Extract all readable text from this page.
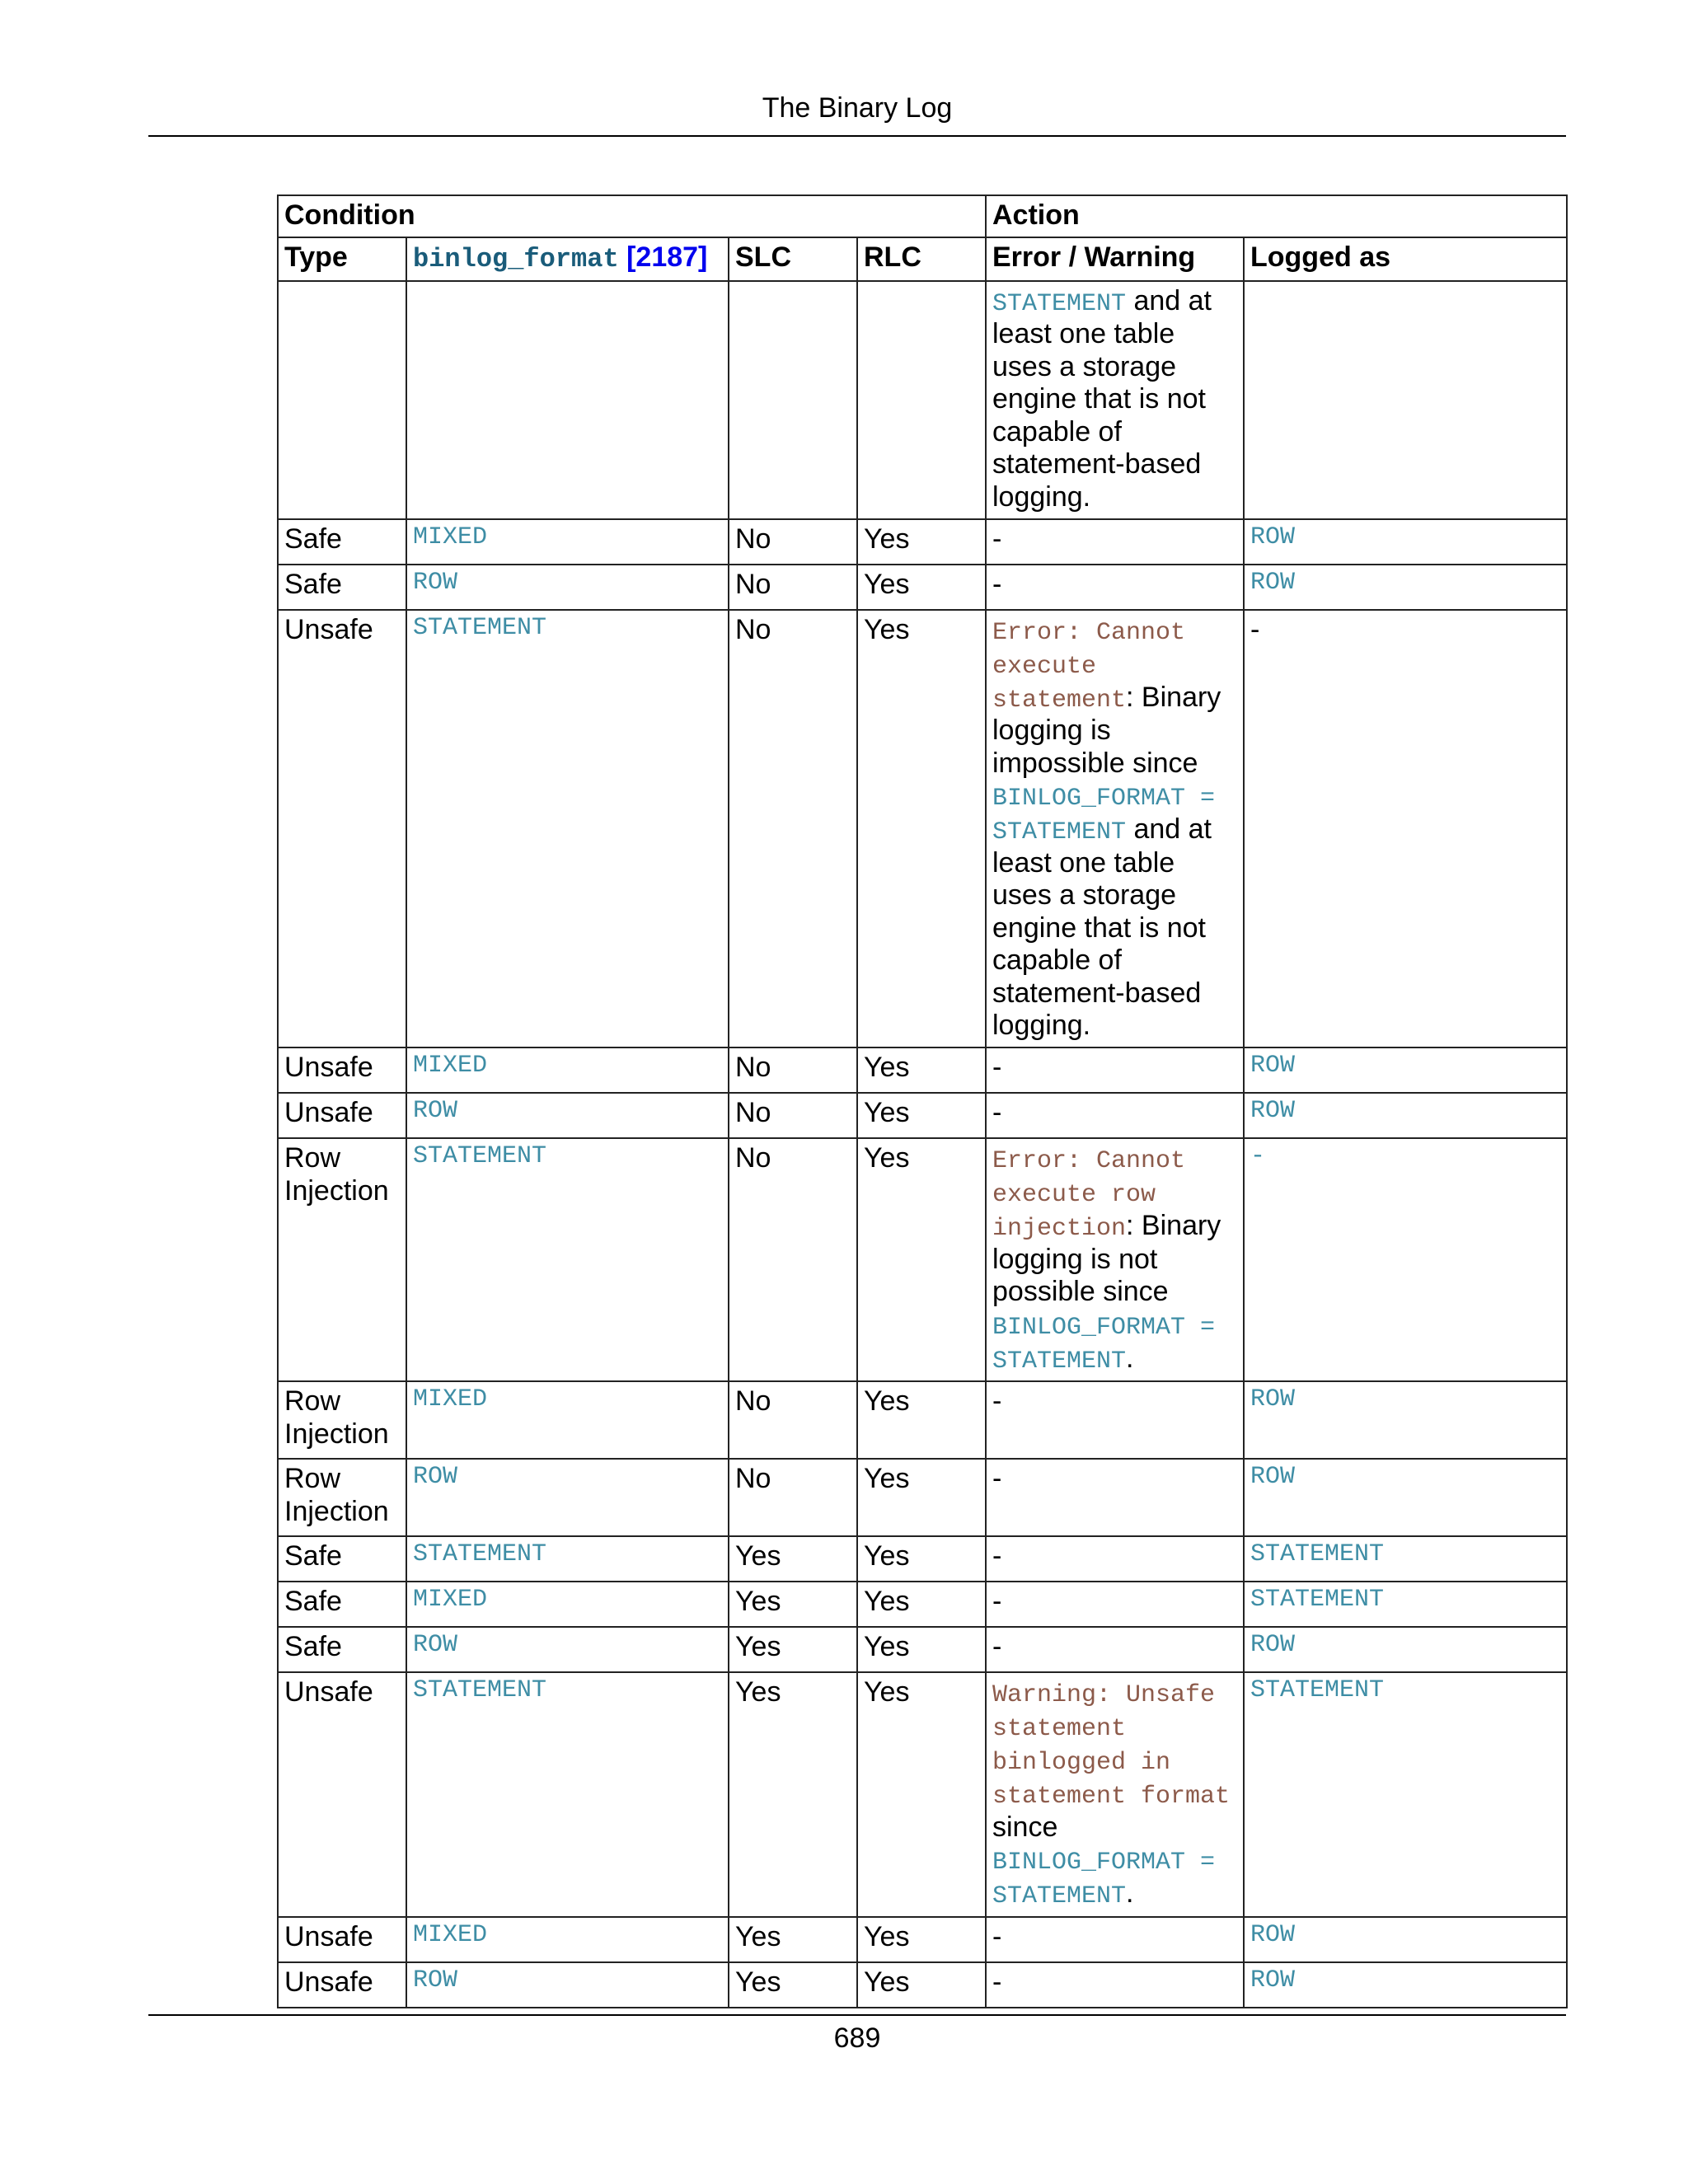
The Binary Log
Condition				Action	
Type	binlog_format [2187]	SLC	RLC	Error / Warning	Logged as
				STATEMENT and at least one table uses a storage engine that is not capable of statement-based logging.	
Safe	MIXED	No	Yes	-	ROW
Safe	ROW	No	Yes	-	ROW
Unsafe	STATEMENT	No	Yes	Error: Cannot execute statement: Binary logging is impossible since BINLOG_FORMAT = STATEMENT and at least one table uses a storage engine that is not capable of statement-based logging.	-
Unsafe	MIXED	No	Yes	-	ROW
Unsafe	ROW	No	Yes	-	ROW
Row Injection	STATEMENT	No	Yes	Error: Cannot execute row injection: Binary logging is not possible since BINLOG_FORMAT = STATEMENT.	-
Row Injection	MIXED	No	Yes	-	ROW
Row Injection	ROW	No	Yes	-	ROW
Safe	STATEMENT	Yes	Yes	-	STATEMENT
Safe	MIXED	Yes	Yes	-	STATEMENT
Safe	ROW	Yes	Yes	-	ROW
Unsafe	STATEMENT	Yes	Yes	Warning: Unsafe statement binlogged in statement format since BINLOG_FORMAT = STATEMENT.	STATEMENT
Unsafe	MIXED	Yes	Yes	-	ROW
Unsafe	ROW	Yes	Yes	-	ROW
689
